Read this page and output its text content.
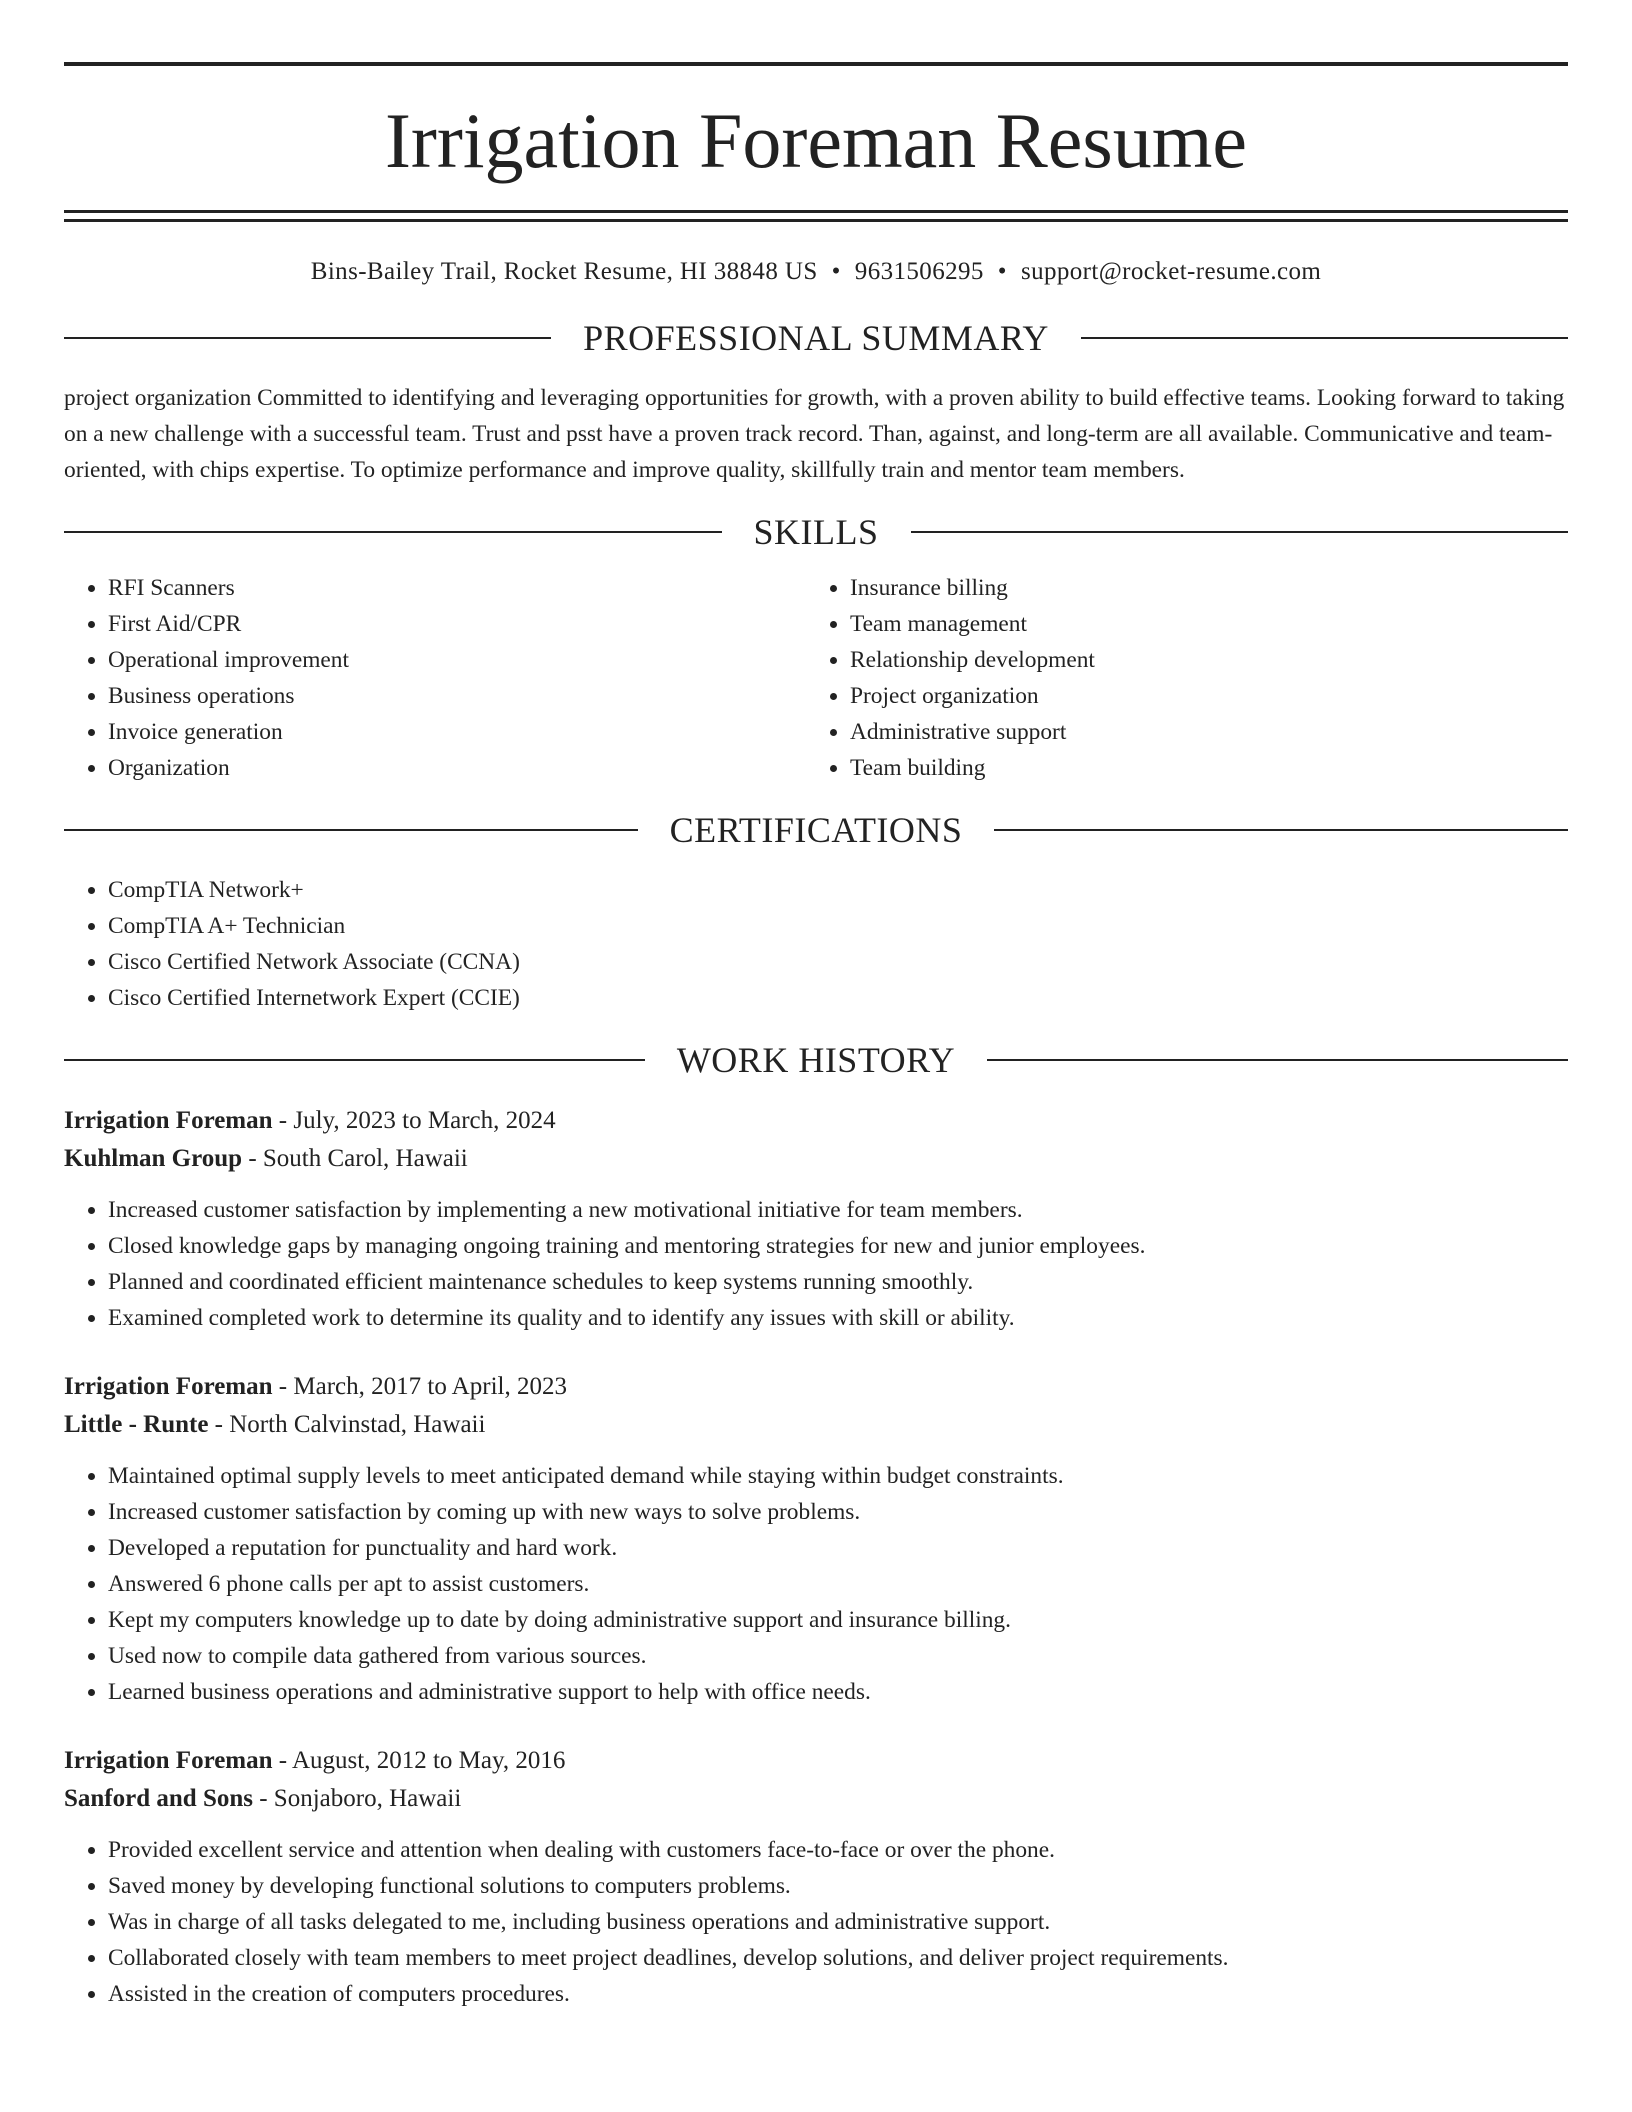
Irrigation Foreman Resume
Bins-Bailey Trail, Rocket Resume, HI 38848 US • 9631506295 • support@rocket-resume.com
PROFESSIONAL SUMMARY

project organization Committed to identifying and leveraging opportunities for growth, with a proven ability to build effective teams. Looking forward to taking on a new challenge with a successful team. Trust and psst have a proven track record. Than, against, and long-term are all available. Communicative and team-oriented, with chips expertise. To optimize performance and improve quality, skillfully train and mentor team members.

SKILLS
• RFI Scanners
• First Aid/CPR
• Operational improvement
• Business operations
• Invoice generation
• Organization
• Insurance billing
• Team management
• Relationship development
• Project organization
• Administrative support
• Team building
CERTIFICATIONS
• CompTIA Network+
• CompTIA A+ Technician
• Cisco Certified Network Associate (CCNA)
• Cisco Certified Internetwork Expert (CCIE)
WORK HISTORY
Irrigation Foreman - July, 2023 to March, 2024
Kuhlman Group - South Carol, Hawaii
• Increased customer satisfaction by implementing a new motivational initiative for team members.
• Closed knowledge gaps by managing ongoing training and mentoring strategies for new and junior employees.
• Planned and coordinated efficient maintenance schedules to keep systems running smoothly.
• Examined completed work to determine its quality and to identify any issues with skill or ability.
Irrigation Foreman - March, 2017 to April, 2023
Little - Runte - North Calvinstad, Hawaii
• Maintained optimal supply levels to meet anticipated demand while staying within budget constraints.
• Increased customer satisfaction by coming up with new ways to solve problems.
• Developed a reputation for punctuality and hard work.
• Answered 6 phone calls per apt to assist customers.
• Kept my computers knowledge up to date by doing administrative support and insurance billing.
• Used now to compile data gathered from various sources.
• Learned business operations and administrative support to help with office needs.
Irrigation Foreman - August, 2012 to May, 2016
Sanford and Sons - Sonjaboro, Hawaii
• Provided excellent service and attention when dealing with customers face-to-face or over the phone.
• Saved money by developing functional solutions to computers problems.
• Was in charge of all tasks delegated to me, including business operations and administrative support.
• Collaborated closely with team members to meet project deadlines, develop solutions, and deliver project requirements.
• Assisted in the creation of computers procedures.
